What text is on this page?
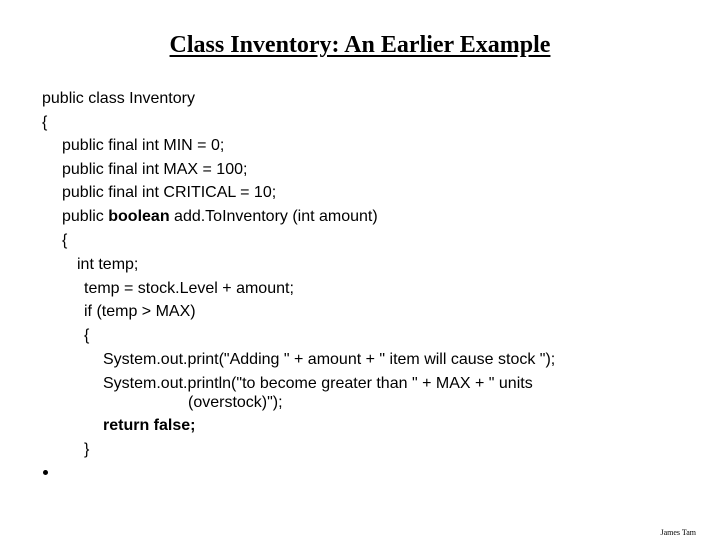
Class Inventory: An Earlier Example
public class Inventory
{
public final int MIN = 0;
public final int MAX = 100;
public final int CRITICAL = 10;
public boolean add.ToInventory (int amount)
{
int temp;
temp = stock.Level + amount;
if (temp > MAX)
{
System.out.print("Adding " + amount + " item will cause stock ");
System.out.println("to become greater than " + MAX + " units
(overstock)");
return false;
}
James Tam
